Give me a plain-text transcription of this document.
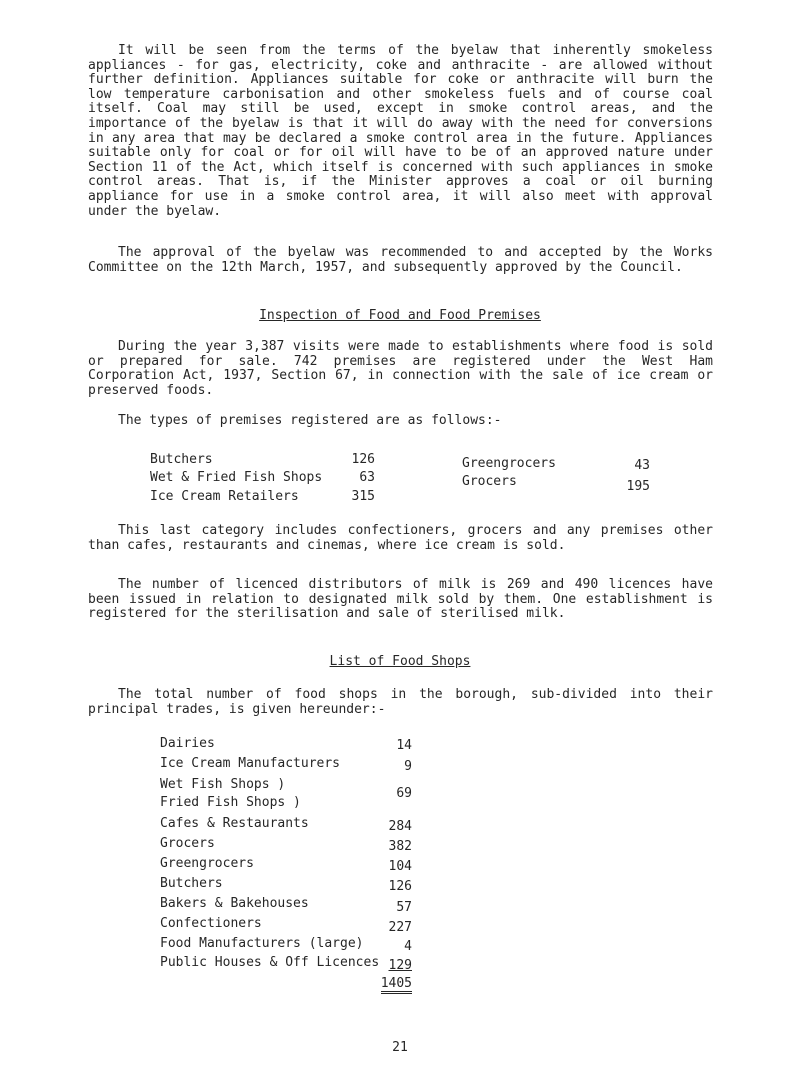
It will be seen from the terms of the byelaw that inherently smokeless appliances - for gas, electricity, coke and anthracite - are allowed without further definition. Appliances suitable for coke or anthracite will burn the low temperature carbonisation and other smokeless fuels and of course coal itself. Coal may still be used, except in smoke control areas, and the importance of the byelaw is that it will do away with the need for conversions in any area that may be declared a smoke control area in the future. Appliances suitable only for coal or for oil will have to be of an approved nature under Section 11 of the Act, which itself is concerned with such appliances in smoke control areas. That is, if the Minister approves a coal or oil burning appliance for use in a smoke control area, it will also meet with approval under the byelaw.

The approval of the byelaw was recommended to and accepted by the Works Committee on the 12th March, 1957, and subsequently approved by the Council.

Inspection of Food and Food Premises

During the year 3,387 visits were made to establishments where food is sold or prepared for sale. 742 premises are registered under the West Ham Corporation Act, 1937, Section 67, in connection with the sale of ice cream or preserved foods.

The types of premises registered are as follows:-

Butchers	126
Wet & Fried Fish Shops	63
Ice Cream Retailers	315
Greengrocers	43
Grocers	195

This last category includes confectioners, grocers and any premises other than cafes, restaurants and cinemas, where ice cream is sold.

The number of licenced distributors of milk is 269 and 490 licences have been issued in relation to designated milk sold by them. One establishment is registered for the sterilisation and sale of sterilised milk.

List of Food Shops

The total number of food shops in the borough, sub-divided into their principal trades, is given hereunder:-

Dairies	14
Ice Cream Manufacturers	9
Wet Fish Shops )
Fried Fish Shops )
69
Cafes & Restaurants	284
Grocers	382
Greengrocers	104
Butchers	126
Bakers & Bakehouses	57
Confectioners	227
Food Manufacturers (large)	4
Public Houses & Off Licences 129
1405
21
